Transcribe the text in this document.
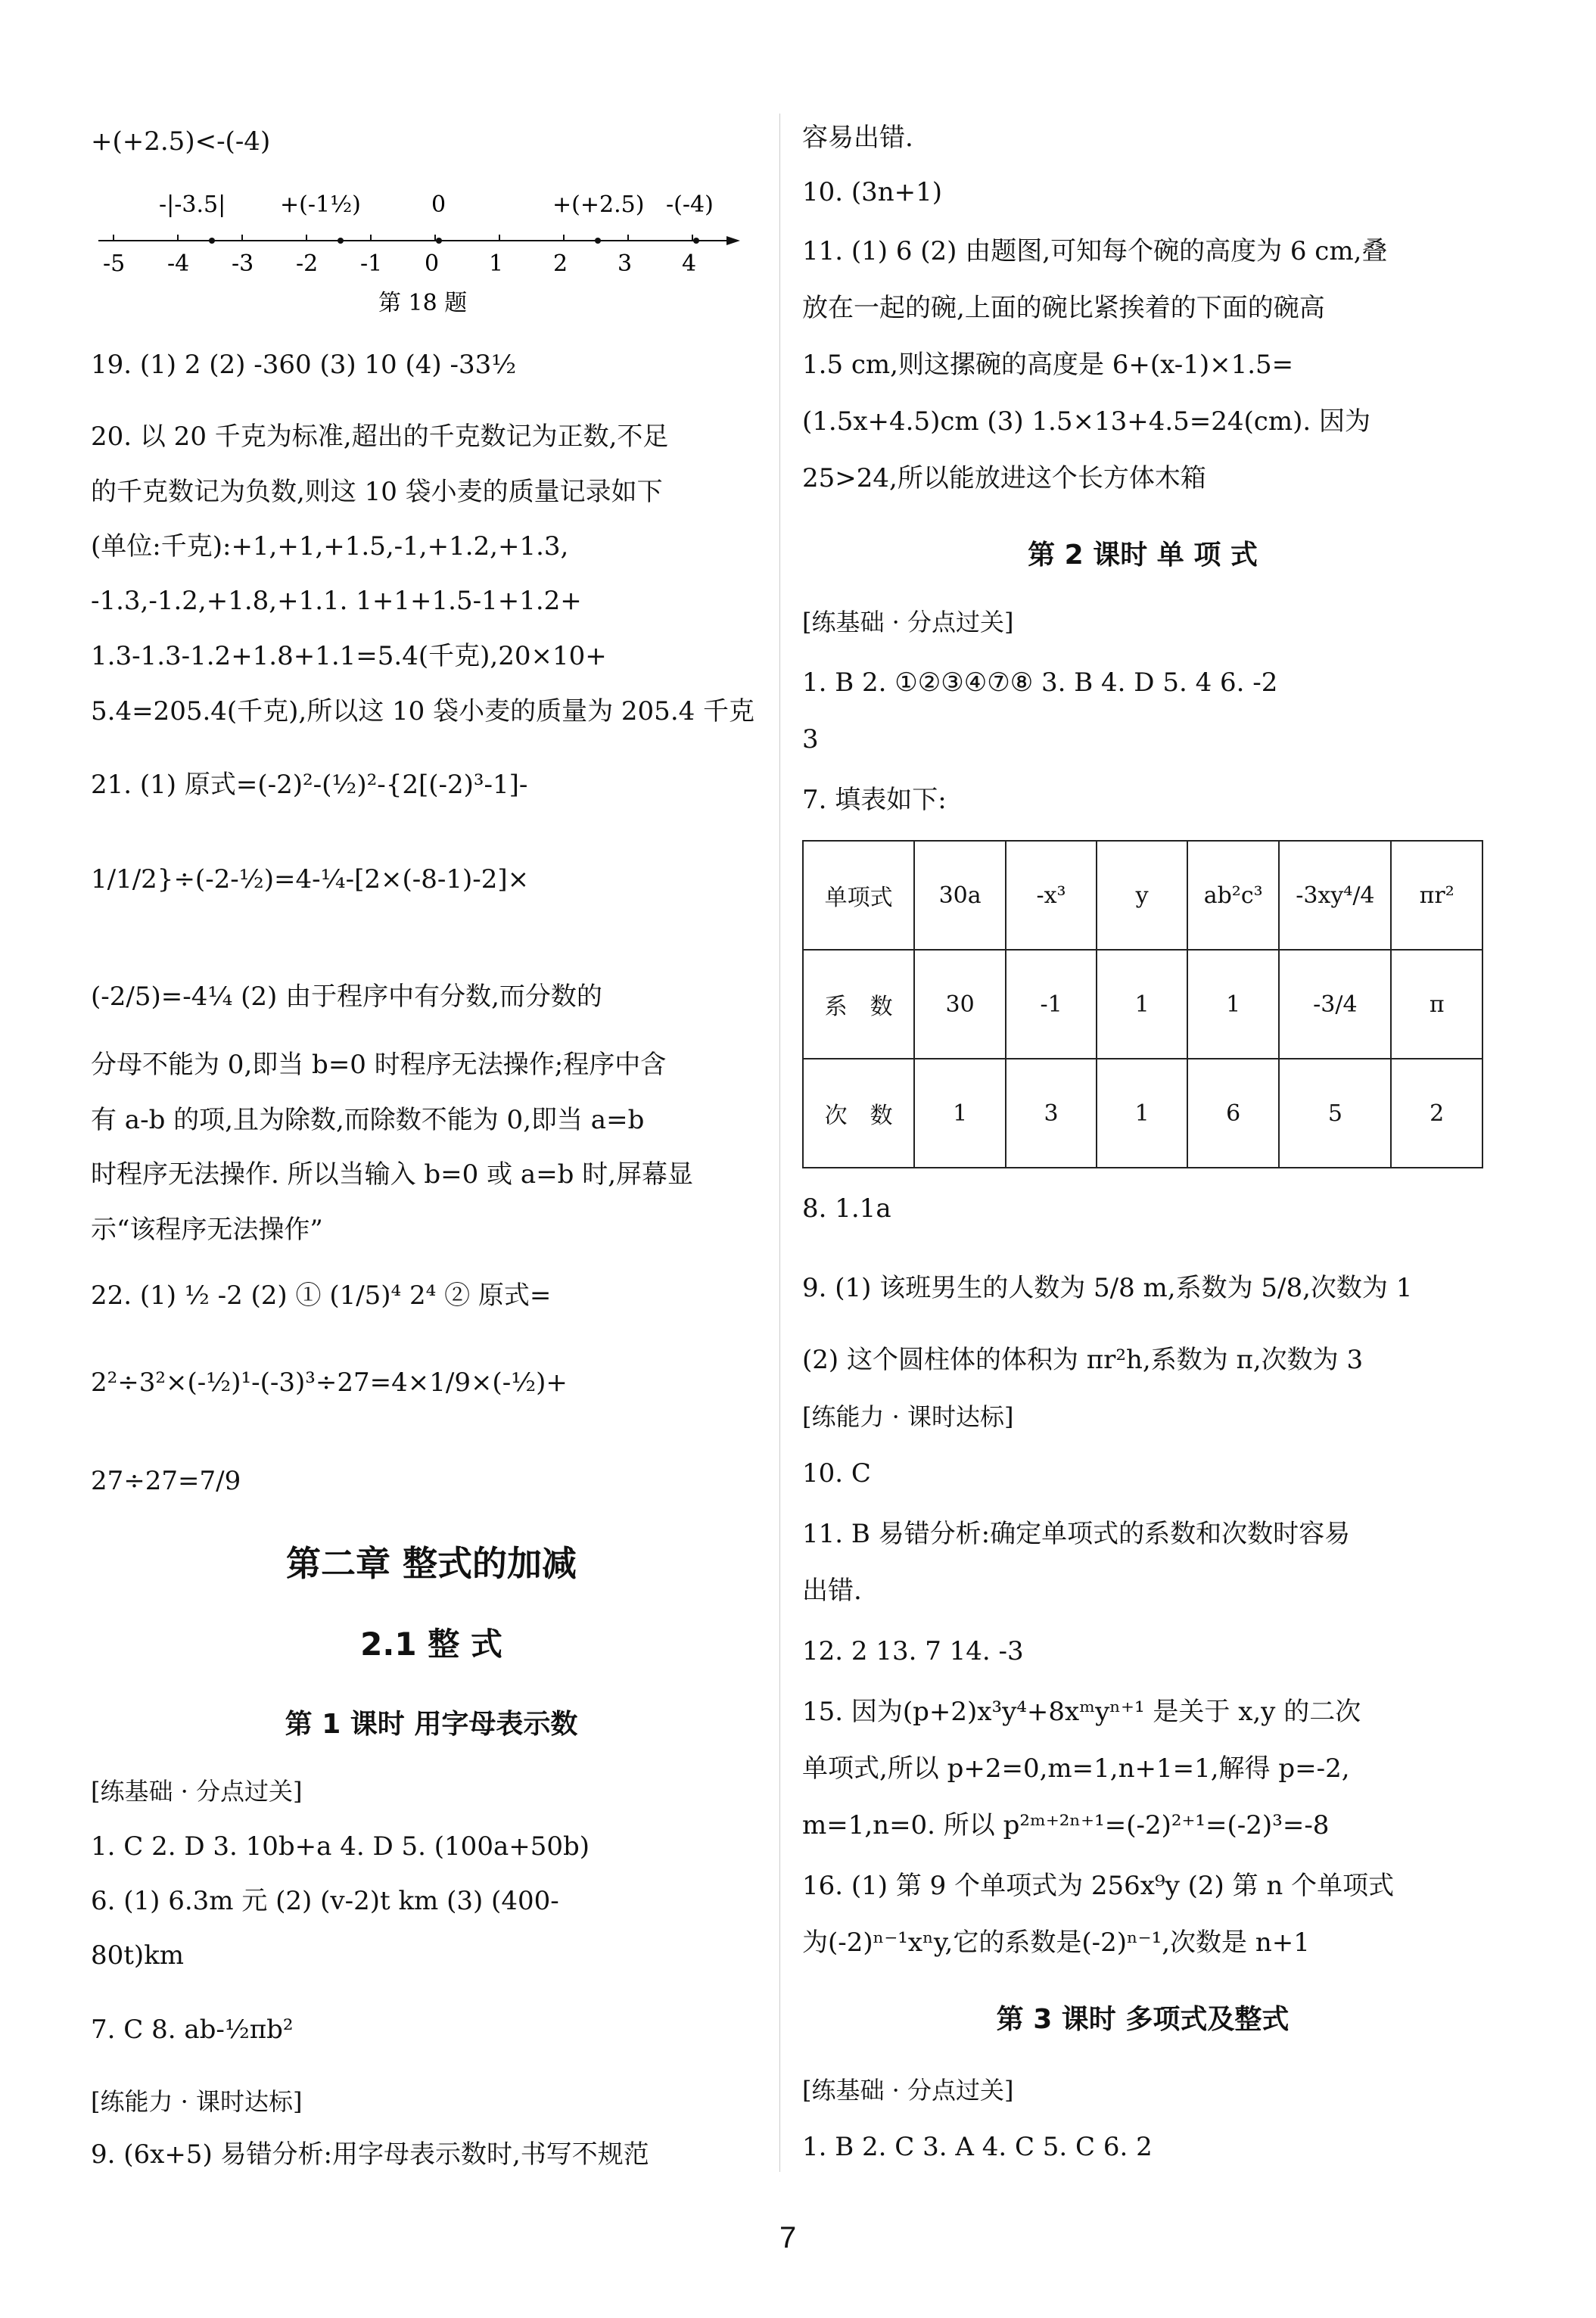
+(+2.5)<-(-4)
-|-3.5| +(-1½)	0	+(+2.5) -(-4)
-5 -4 -3 -2 -1 0 1 2 3 4
第 18 题
19. (1) 2 (2) -360 (3) 10 (4) -33½
20. 以 20 千克为标准,超出的千克数记为正数,不足
的千克数记为负数,则这 10 袋小麦的质量记录如下
(单位:千克):+1,+1,+1.5,-1,+1.2,+1.3,
-1.3,-1.2,+1.8,+1.1. 1+1+1.5-1+1.2+
1.3-1.3-1.2+1.8+1.1=5.4(千克),20×10+
5.4=205.4(千克),所以这 10 袋小麦的质量为 205.4 千克
21. (1) 原式=(-2)²-(½)²-{2[(-2)³-1]-
1/1/2}÷(-2-½)=4-¼-[2×(-8-1)-2]×
(-2/5)=-4¼ (2) 由于程序中有分数,而分数的
分母不能为 0,即当 b=0 时程序无法操作;程序中含
有 a-b 的项,且为除数,而除数不能为 0,即当 a=b
时程序无法操作. 所以当输入 b=0 或 a=b 时,屏幕显
示“该程序无法操作”
22. (1) ½ -2 (2) ① (1/5)⁴ 2⁴ ② 原式=
2²÷3²×(-½)¹-(-3)³÷27=4×1/9×(-½)+
27÷27=7/9
第二章 整式的加减
2.1 整 式
第 1 课时 用字母表示数
[练基础 · 分点过关]
1. C 2. D 3. 10b+a 4. D 5. (100a+50b)
6. (1) 6.3m 元 (2) (v-2)t km (3) (400-
80t)km
7. C 8. ab-½πb²
[练能力 · 课时达标]
9. (6x+5) 易错分析:用字母表示数时,书写不规范
容易出错.
10. (3n+1)
11. (1) 6 (2) 由题图,可知每个碗的高度为 6 cm,叠
放在一起的碗,上面的碗比紧挨着的下面的碗高
1.5 cm,则这摞碗的高度是 6+(x-1)×1.5=
(1.5x+4.5)cm (3) 1.5×13+4.5=24(cm). 因为
25>24,所以能放进这个长方体木箱
第 2 课时 单 项 式
[练基础 · 分点过关]
1. B 2. ①②③④⑦⑧ 3. B 4. D 5. 4 6. -2
3
7. 填表如下:
单项式	30a	-x³	y	ab²c³	-3xy⁴/4	πr²
系　数	30	-1	1	1	-3/4	π
次　数	1	3	1	6	5	2
8. 1.1a
9. (1) 该班男生的人数为 5/8 m,系数为 5/8,次数为 1
(2) 这个圆柱体的体积为 πr²h,系数为 π,次数为 3
[练能力 · 课时达标]
10. C
11. B 易错分析:确定单项式的系数和次数时容易
出错.
12. 2 13. 7 14. -3
15. 因为(p+2)x³y⁴+8xᵐyⁿ⁺¹ 是关于 x,y 的二次
单项式,所以 p+2=0,m=1,n+1=1,解得 p=-2,
m=1,n=0. 所以 p²ᵐ⁺²ⁿ⁺¹=(-2)²⁺¹=(-2)³=-8
16. (1) 第 9 个单项式为 256x⁹y (2) 第 n 个单项式
为(-2)ⁿ⁻¹xⁿy,它的系数是(-2)ⁿ⁻¹,次数是 n+1
第 3 课时 多项式及整式
[练基础 · 分点过关]
1. B 2. C 3. A 4. C 5. C 6. 2
7
